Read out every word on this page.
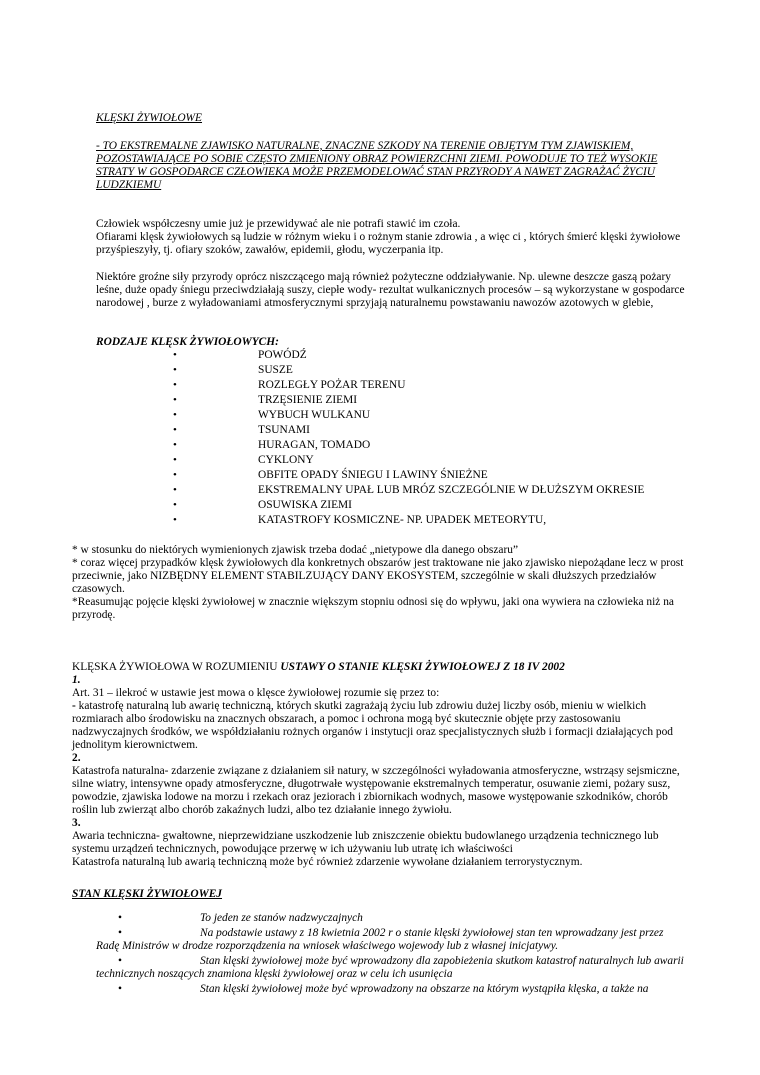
KLĘSKI ŻYWIOŁOWE

- TO EKSTREMALNE ZJAWISKO NATURALNE, ZNACZNE SZKODY NA TERENIE OBJĘTYM TYM ZJAWISKIEM, POZOSTAWIAJĄCE PO SOBIE CZĘSTO ZMIENIONY OBRAZ POWIERZCHNI ZIEMI. POWODUJE TO TEŻ WYSOKIE STRATY W GOSPODARCE CZŁOWIEKA MOŻE PRZEMODELOWAĆ STAN PRZYRODY A NAWET ZAGRAŻAĆ ŻYCIU LUDZKIEMU

Człowiek współczesny umie już je przewidywać ale nie potrafi stawić im czoła.

Ofiarami klęsk żywiołowych są ludzie w różnym wieku i o rożnym stanie zdrowia , a więc ci , których śmierć klęski żywiołowe przyśpieszyły, tj. ofiary szoków, zawałów, epidemii, głodu, wyczerpania itp.

Niektóre groźne siły przyrody oprócz niszczącego mają również pożyteczne oddziaływanie. Np. ulewne deszcze gaszą pożary leśne, duże opady śniegu przeciwdziałają suszy, ciepłe wody- rezultat wulkanicznych procesów – są wykorzystane w gospodarce narodowej , burze z wyładowaniami atmosferycznymi sprzyjają naturalnemu powstawaniu nawozów azotowych w glebie,

RODZAJE KLĘSK ŻYWIOŁOWYCH:

•	POWÓDŹ
•	SUSZE
•	ROZLEGŁY POŻAR TERENU
•	TRZĘSIENIE ZIEMI
•	WYBUCH WULKANU
•	TSUNAMI
•	HURAGAN, TOMADO
•	CYKLONY
•	OBFITE OPADY ŚNIEGU I LAWINY ŚNIEŻNE
•	EKSTREMALNY UPAŁ LUB MRÓZ SZCZEGÓLNIE W DŁUŻSZYM OKRESIE
•	OSUWISKA ZIEMI
•	KATASTROFY KOSMICZNE- NP. UPADEK METEORYTU,

* w stosunku do niektórych wymienionych zjawisk trzeba dodać „nietypowe dla danego obszaru”

* coraz więcej przypadków klęsk żywiołowych dla konkretnych obszarów jest traktowane nie jako zjawisko niepożądane lecz w prost przeciwnie, jako NIZBĘDNY ELEMENT STABILZUJĄCY DANY EKOSYSTEM, szczególnie w skali dłuższych przedziałów czasowych.

*Reasumując pojęcie klęski żywiołowej w znacznie większym stopniu odnosi się do wpływu, jaki ona wywiera na człowieka niż na przyrodę.

KLĘSKA ŻYWIOŁOWA W ROZUMIENIU USTAWY O STANIE KLĘSKI ŻYWIOŁOWEJ Z 18 IV 2002

1.

Art. 31 – ilekroć w ustawie jest mowa o klęsce żywiołowej rozumie się przez to:

- katastrofę naturalną lub awarię techniczną, których skutki zagrażają życiu lub zdrowiu dużej liczby osób, mieniu w wielkich rozmiarach albo środowisku na znacznych obszarach, a pomoc i ochrona mogą być skutecznie objęte przy zastosowaniu nadzwyczajnych środków, we współdziałaniu rożnych organów i instytucji oraz specjalistycznych służb i formacji działających pod jednolitym kierownictwem.

2.

Katastrofa naturalna- zdarzenie związane z działaniem sił natury, w szczególności wyładowania atmosferyczne, wstrząsy sejsmiczne, silne wiatry, intensywne opady atmosferyczne, długotrwałe występowanie ekstremalnych temperatur, osuwanie ziemi, pożary susz, powodzie, zjawiska lodowe na morzu i rzekach oraz jeziorach i zbiornikach wodnych, masowe występowanie szkodników, chorób roślin lub zwierząt albo chorób zakaźnych ludzi, albo tez działanie innego żywiołu.

3.

Awaria techniczna- gwałtowne, nieprzewidziane uszkodzenie lub zniszczenie obiektu budowlanego urządzenia technicznego lub systemu urządzeń technicznych, powodujące przerwę w ich używaniu lub utratę ich właściwości

Katastrofa naturalną lub awarią techniczną może być również zdarzenie wywołane działaniem terrorystycznym.

STAN KLĘSKI ŻYWIOŁOWEJ

•	To jeden ze stanów nadzwyczajnych
•	Na podstawie ustawy z 18 kwietnia 2002 r o stanie klęski żywiołowej stan ten wprowadzany jest przez Radę Ministrów w drodze rozporządzenia na wniosek właściwego wojewody lub z własnej inicjatywy.
•	Stan klęski żywiołowej może być wprowadzony dla zapobieżenia skutkom katastrof naturalnych lub awarii technicznych noszących znamiona klęski żywiołowej oraz w celu ich usunięcia
•	Stan klęski żywiołowej może być wprowadzony na obszarze na którym wystąpiła klęska, a także na
